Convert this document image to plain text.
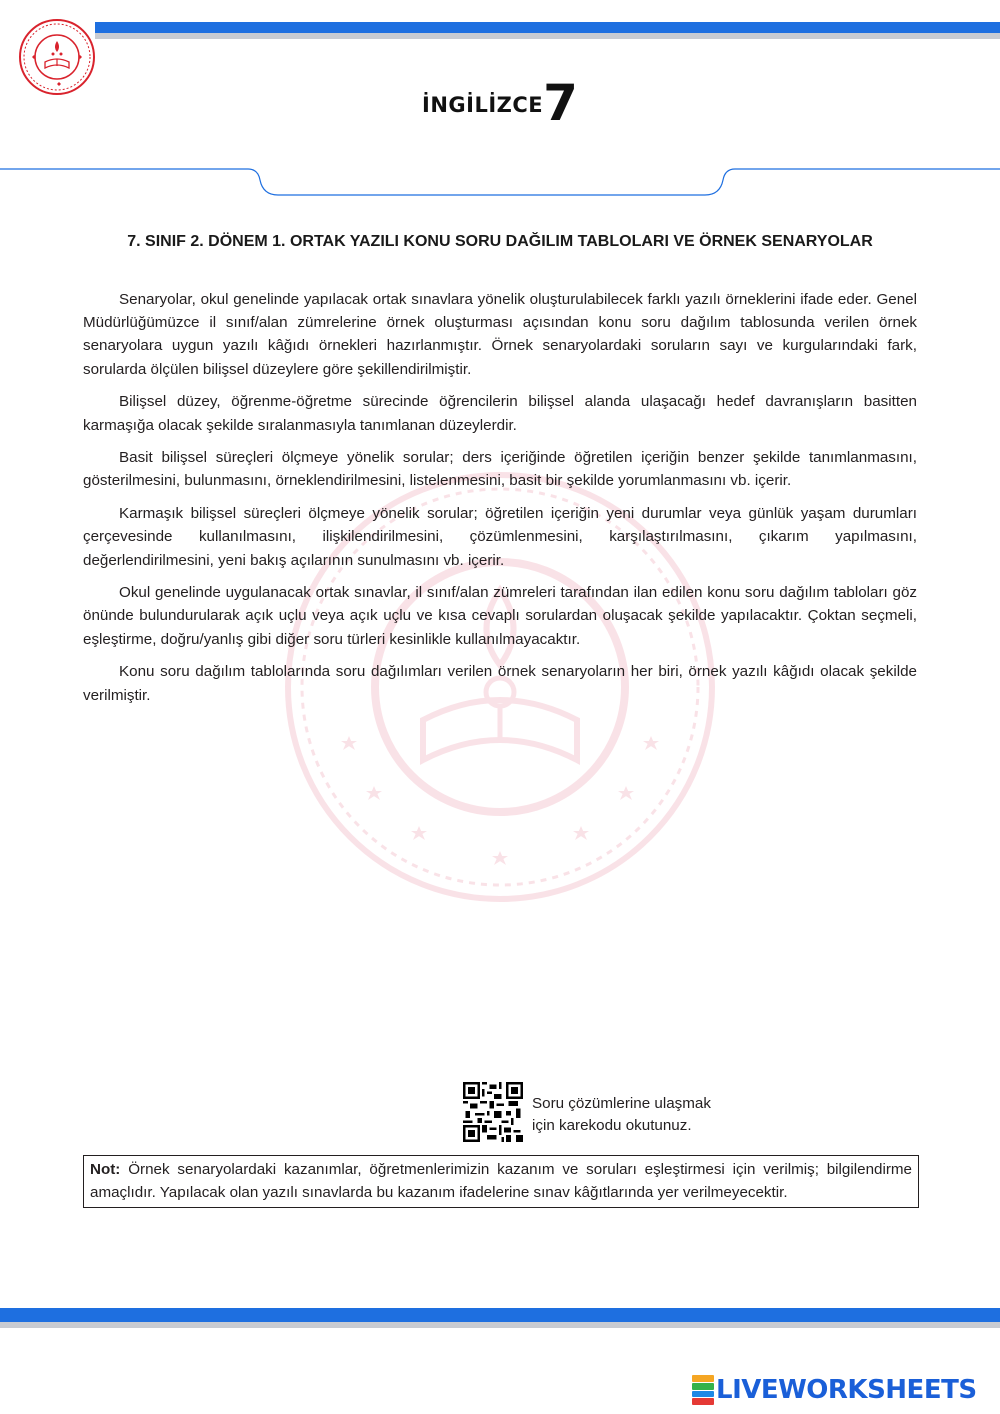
İNGİLİZCE7
7. SINIF 2. DÖNEM 1. ORTAK YAZILI KONU SORU DAĞILIM TABLOLARI VE ÖRNEK SENARYOLAR

Senaryolar, okul genelinde yapılacak ortak sınavlara yönelik oluşturulabilecek farklı yazılı örneklerini ifade eder. Genel Müdürlüğümüzce il sınıf/alan zümrelerine örnek oluşturması açısından konu soru dağılım tablosunda verilen örnek senaryolara uygun yazılı kâğıdı örnekleri hazırlanmıştır. Örnek senaryolardaki soruların sayı ve kurgularındaki fark, sorularda ölçülen bilişsel düzeylere göre şekillendirilmiştir.

Bilişsel düzey, öğrenme-öğretme sürecinde öğrencilerin bilişsel alanda ulaşacağı hedef davranışların basitten karmaşığa olacak şekilde sıralanmasıyla tanımlanan düzeylerdir.

Basit bilişsel süreçleri ölçmeye yönelik sorular; ders içeriğinde öğretilen içeriğin benzer şekilde tanımlanmasını, gösterilmesini, bulunmasını, örneklendirilmesini, listelenmesini, basit bir şekilde yorumlanmasını vb. içerir.

Karmaşık bilişsel süreçleri ölçmeye yönelik sorular; öğretilen içeriğin yeni durumlar veya günlük yaşam durumları çerçevesinde kullanılmasını, ilişkilendirilmesini, çözümlenmesini, karşılaştırılmasını, çıkarım yapılmasını, değerlendirilmesini, yeni bakış açılarının sunulmasını vb. içerir.

Okul genelinde uygulanacak ortak sınavlar, il sınıf/alan zümreleri tarafından ilan edilen konu soru dağılım tabloları göz önünde bulundurularak açık uçlu veya açık uçlu ve kısa cevaplı sorulardan oluşacak şekilde yapılacaktır. Çoktan seçmeli, eşleştirme, doğru/yanlış gibi diğer soru türleri kesinlikle kullanılmayacaktır.

Konu soru dağılım tablolarında soru dağılımları verilen örnek senaryoların her biri, örnek yazılı kâğıdı olacak şekilde verilmiştir.

Soru çözümlerine ulaşmak
için karekodu okutunuz.
Not: Örnek senaryolardaki kazanımlar, öğretmenlerimizin kazanım ve soruları eşleştirmesi için verilmiş; bilgilendirme amaçlıdır. Yapılacak olan yazılı sınavlarda bu kazanım ifadelerine sınav kâğıtlarında yer verilmeyecektir.
LIVEWORKSHEETS
